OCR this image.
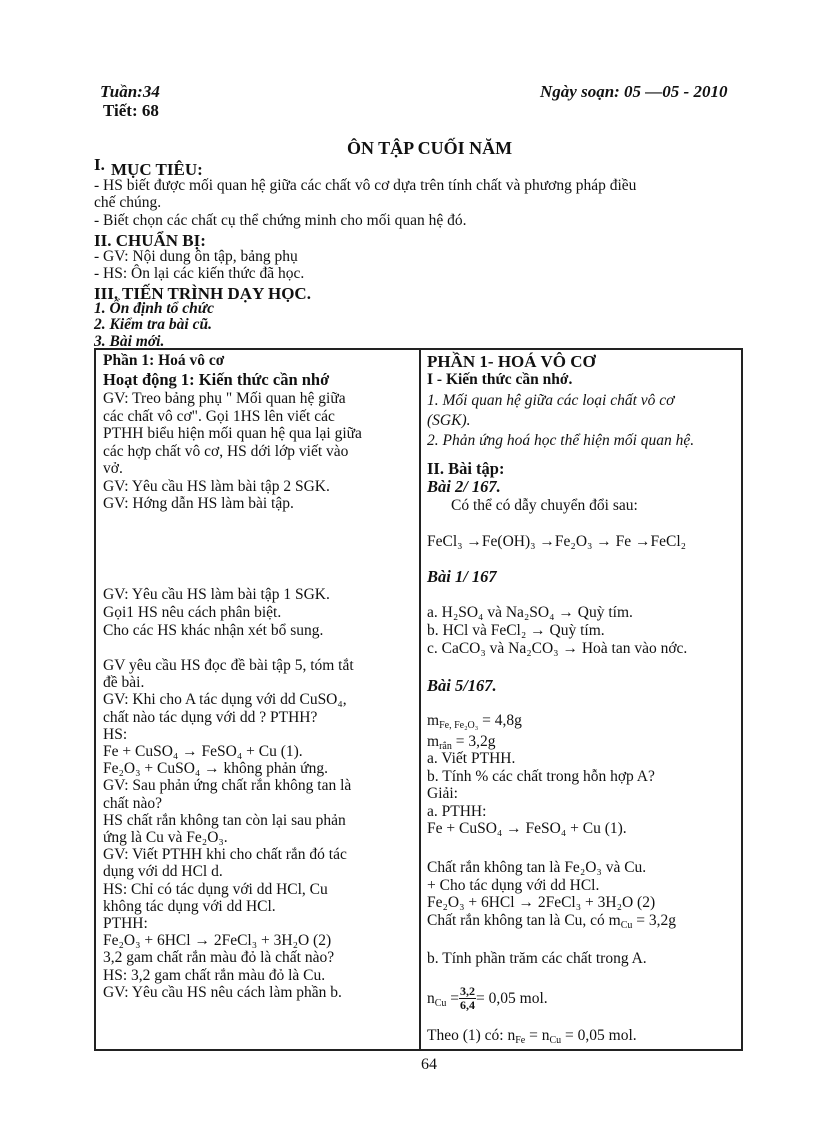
Tuần:34
Tiết: 68
Ngày soạn: 05 —05 - 2010
ÔN TẬP CUỐI NĂM
I. MỤC TIÊU:
- HS biết được mối quan hệ giữa các chất vô cơ dựa trên tính chất và phương pháp điều
chế chúng.
- Biết chọn các chất cụ thể chứng minh cho mối quan hệ đó.
II. CHUẨN BỊ:
- GV: Nội dung ôn tập, bảng phụ
- HS: Ôn lại các kiến thức đã học.
III. TIẾN TRÌNH DẠY HỌC.
1. Ổn định tổ chức
2. Kiểm tra bài cũ.
3. Bài mới.
Phần 1: Hoá vô cơ
Hoạt động 1: Kiến thức cần nhớ
GV: Treo bảng phụ " Mối quan hệ giữa
các chất vô cơ". Gọi 1HS lên viết các
PTHH biểu hiện mối quan hệ qua lại giữa
các hợp chất vô cơ, HS dới lớp viết vào
vở.
GV: Yêu cầu HS làm bài tập 2 SGK.
GV: Hớng dẫn HS làm bài tập.
GV: Yêu cầu HS làm bài tập 1 SGK.
Gọi1 HS nêu cách phân biệt.
Cho các HS khác nhận xét bổ sung.
GV yêu cầu HS đọc đề bài tập 5, tóm tắt
đề bài.
GV: Khi cho A tác dụng với dd CuSO₄,
chất nào tác dụng với dd ? PTHH?
HS:
Fe + CuSO₄ → FeSO₄ + Cu (1).
Fe₂O₃ + CuSO₄ → không phản ứng.
GV: Sau phản ứng chất rắn không tan là
chất nào?
HS chất rắn không tan còn lại sau phản
ứng là Cu và Fe₂O₃.
GV: Viết PTHH khi cho chất rắn đó tác
dụng với dd HCl d.
HS: Chỉ có tác dụng với dd HCl, Cu
không tác dụng với dd HCl.
PTHH:
Fe₂O₃ + 6HCl → 2FeCl₃ + 3H₂O (2)
3,2 gam chất rắn màu đỏ là chất nào?
HS: 3,2 gam chất rắn màu đỏ là Cu.
GV: Yêu cầu HS nêu cách làm phần b.
PHẦN 1- HOÁ VÔ CƠ
I - Kiến thức cần nhớ.
1. Mối quan hệ giữa các loại chất vô cơ
(SGK).
2. Phản ứng hoá học thể hiện mối quan hệ.
II. Bài tập:
Bài 2/ 167.
Có thể có dẫy chuyển đổi sau:
FeCl₃ →Fe(OH)₃ →Fe₂O₃ → Fe →FeCl₂
Bài 1/ 167
a. H₂SO₄ và Na₂SO₄ → Quỳ tím.
b. HCl và FeCl₂ → Quỳ tím.
c. CaCO₃ và Na₂CO₃ → Hoà tan vào nớc.
Bài 5/167.
$m_{Fe, Fe_2O_3} = 4,8g$
$m_{rắn} = 3,2g$
a. Viết PTHH.
b. Tính % các chất trong hỗn hợp A?
Giải:
a. PTHH:
Fe + CuSO₄ → FeSO₄ + Cu (1).
Chất rắn không tan là Fe₂O₃ và Cu.
+ Cho tác dụng với dd HCl.
Fe₂O₃ + 6HCl → 2FeCl₃ + 3H₂O (2)
Chất rắn không tan là Cu, có $m_{Cu} = 3,2g$
b. Tính phần trăm các chất trong A.
$n_{Cu} = \frac{3,2}{6,4} = 0,05$ mol.
Theo (1) có: $n_{Fe} = n_{Cu} = 0,05$ mol.
64
